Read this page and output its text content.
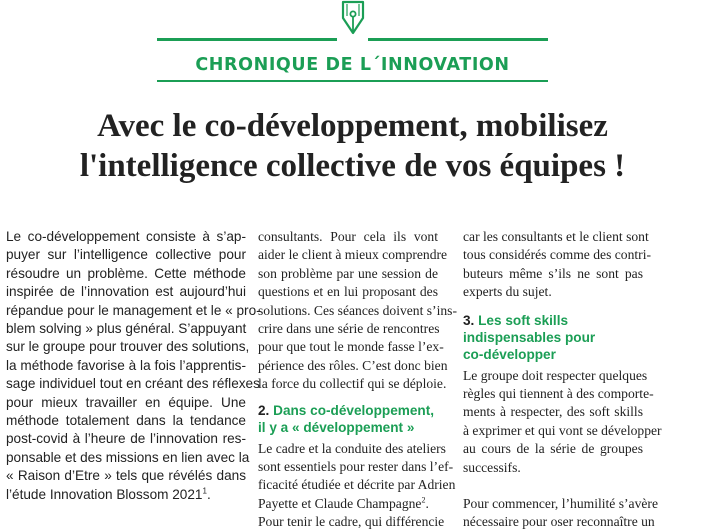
CHRONIQUE DE L´INNOVATION
Avec le co-développement, mobilisez
l'intelligence collective de vos équipes !
Le co-développement consiste à s’ap-
puyer sur l’intelligence collective pour
résoudre un problème. Cette méthode
inspirée de l’innovation est aujourd’hui
répandue pour le management et le « pro-
blem solving » plus général. S’appuyant
sur le groupe pour trouver des solutions,
la méthode favorise à la fois l’apprentis-
sage individuel tout en créant des réflexes
pour mieux travailler en équipe. Une
méthode totalement dans la tendance
post-covid à l’heure de l’innovation res-
ponsable et des missions en lien avec la
« Raison d’Etre » tels que révélés dans
l’étude Innovation Blossom 2021$^1$.
consultants. Pour cela ils vont
aider le client à mieux comprendre
son problème par une session de
questions et en lui proposant des
solutions. Ces séances doivent s’ins-
crire dans une série de rencontres
pour que tout le monde fasse l’ex-
périence des rôles. C’est donc bien
la force du collectif qui se déploie.
2. Dans co-développement,
il y a « développement »
Le cadre et la conduite des ateliers
sont essentiels pour rester dans l’ef-
ficacité étudiée et décrite par Adrien
Payette et Claude Champagne$^2$.
Pour tenir le cadre, qui différencie
car les consultants et le client sont
tous considérés comme des contri-
buteurs même s’ils ne sont pas
experts du sujet.
3. Les soft skills
indispensables pour
co-développer
Le groupe doit respecter quelques
règles qui tiennent à des comporte-
ments à respecter, des soft skills
à exprimer et qui vont se développer
au cours de la série de groupes
successifs.
Pour commencer, l’humilité s’avère
nécessaire pour oser reconnaître un
